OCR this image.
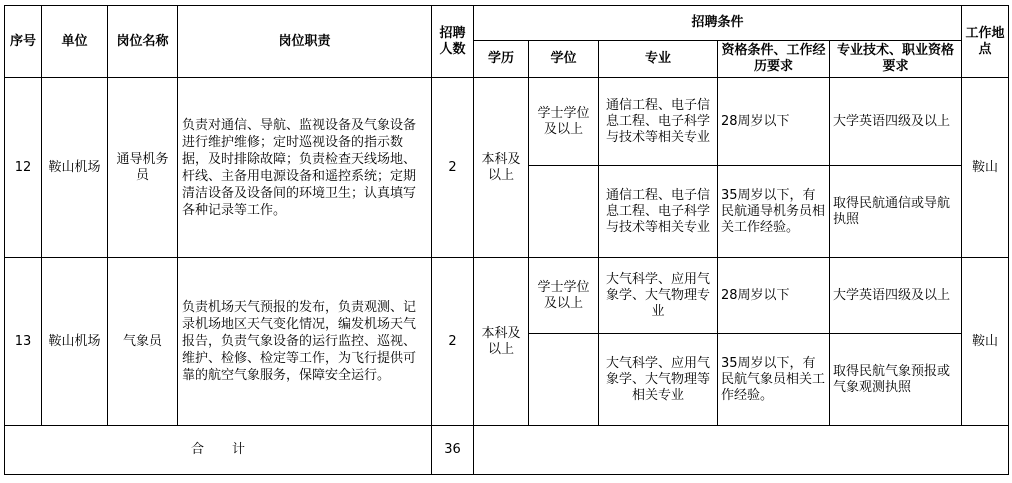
序号	单位	岗位名称	岗位职责	招聘人数	招聘条件					工作地点
					学历	学位	专业	资格条件、工作经历要求	专业技术、职业资格要求	
12	鞍山机场	通导机务员	负责对通信、导航、监视设备及气象设备进行维护维修；定时巡视设备的指示数据，及时排除故障；负责检查天线场地、杆线、主备用电源设备和遥控系统；定期清洁设备及设备间的环境卫生；认真填写各种记录等工作。	2	本科及以上	学士学位及以上	通信工程、电子信息工程、电子科学与技术等相关专业	28周岁以下	大学英语四级及以上	鞍山
							通信工程、电子信息工程、电子科学与技术等相关专业	35周岁以下，有民航通导机务员相关工作经验。	取得民航通信或导航执照	
13	鞍山机场	气象员	负责机场天气预报的发布，负责观测、记录机场地区天气变化情况，编发机场天气报告，负责气象设备的运行监控、巡视、维护、检修、检定等工作，为飞行提供可靠的航空气象服务，保障安全运行。	2	本科及以上	学士学位及以上	大气科学、应用气象学、大气物理专业	28周岁以下	大学英语四级及以上	鞍山
							大气科学、应用气象学、大气物理等相关专业	35周岁以下，有民航气象员相关工作经验。	取得民航气象预报或气象观测执照	
合 计				36						
